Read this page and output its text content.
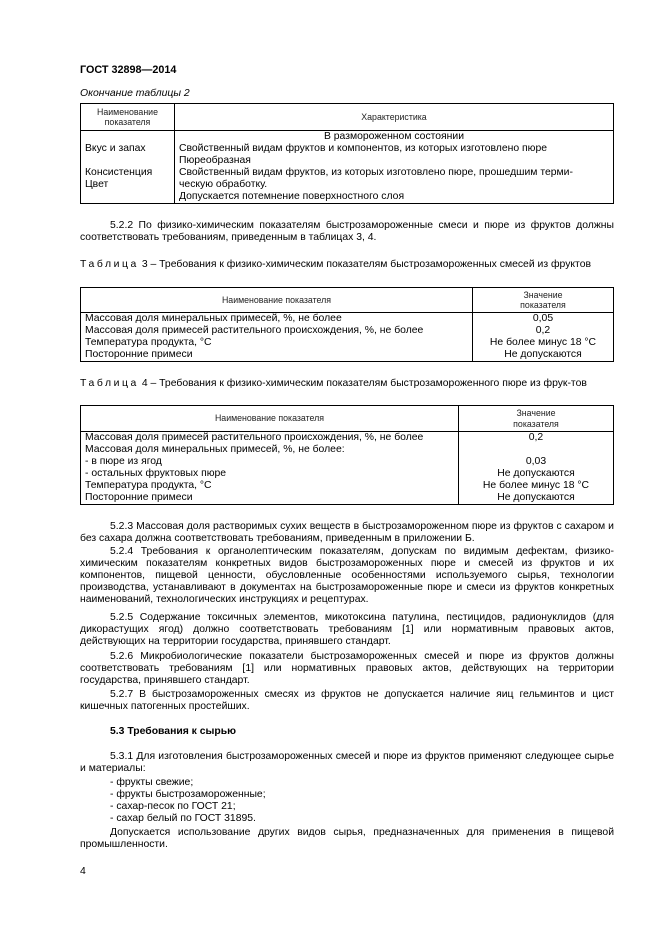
ГОСТ 32898—2014
Окончание таблицы 2
Наименование показателя	Характеристика
	В размороженном состоянии
Вкус и запах	Свойственный видам фруктов и компонентов, из которых изготовлено пюре
	Пюреобразная
Консистенция	Свойственный видам фруктов, из которых изготовлено пюре, прошедшим терми-
Цвет	ческую обработку.
	Допускается потемнение поверхностного слоя
5.2.2 По физико-химическим показателям быстрозамороженные смеси и пюре из фруктов должны соответствовать требованиям, приведенным в таблицах 3, 4.
Таблица 3 – Требования к физико-химическим показателям быстрозамороженных смесей из фруктов
Наименование показателя	Значение
показателя

Массовая доля минеральных примесей, %, не более	0,05
Массовая доля примесей растительного происхождения, %, не более	0,2
Температура продукта, °С	Не более минус 18 °С
Посторонние примеси	Не допускаются
Таблица 4 – Требования к физико-химическим показателям быстрозамороженного пюре из фрук-тов
Наименование показателя	Значение
показателя

Массовая доля примесей растительного происхождения, %, не более	0,2
Массовая доля минеральных примесей, %, не более:	
- в пюре из ягод	0,03
- остальных фруктовых пюре	Не допускаются
Температура продукта, °С	Не более минус 18 °С
Посторонние примеси	Не допускаются
5.2.3 Массовая доля растворимых сухих веществ в быстрозамороженном пюре из фруктов с сахаром и без сахара должна соответствовать требованиям, приведенным в приложении Б.
5.2.4 Требования к органолептическим показателям, допускам по видимым дефектам, физико-химическим показателям конкретных видов быстрозамороженных пюре и смесей из фруктов и их компонентов, пищевой ценности, обусловленные особенностями используемого сырья, технологии производства, устанавливают в документах на быстрозамороженные пюре и смеси из фруктов конкретных наименований, технологических инструкциях и рецептурах.
5.2.5 Содержание токсичных элементов, микотоксина патулина, пестицидов, радионуклидов (для дикорастущих ягод) должно соответствовать требованиям [1] или нормативным правовых актов, действующих на территории государства, принявшего стандарт.
5.2.6 Микробиологические показатели быстрозамороженных смесей и пюре из фруктов должны соответствовать требованиям [1] или нормативных правовых актов, действующих на территории государства, принявшего стандарт.
5.2.7 В быстрозамороженных смесях из фруктов не допускается наличие яиц гельминтов и цист кишечных патогенных простейших.
5.3 Требования к сырью
5.3.1 Для изготовления быстрозамороженных смесей и пюре из фруктов применяют следующее сырье и материалы:
- фрукты свежие;
- фрукты быстрозамороженные;
- сахар-песок по ГОСТ 21;
- сахар белый по ГОСТ 31895.
Допускается использование других видов сырья, предназначенных для применения в пищевой промышленности.
4
